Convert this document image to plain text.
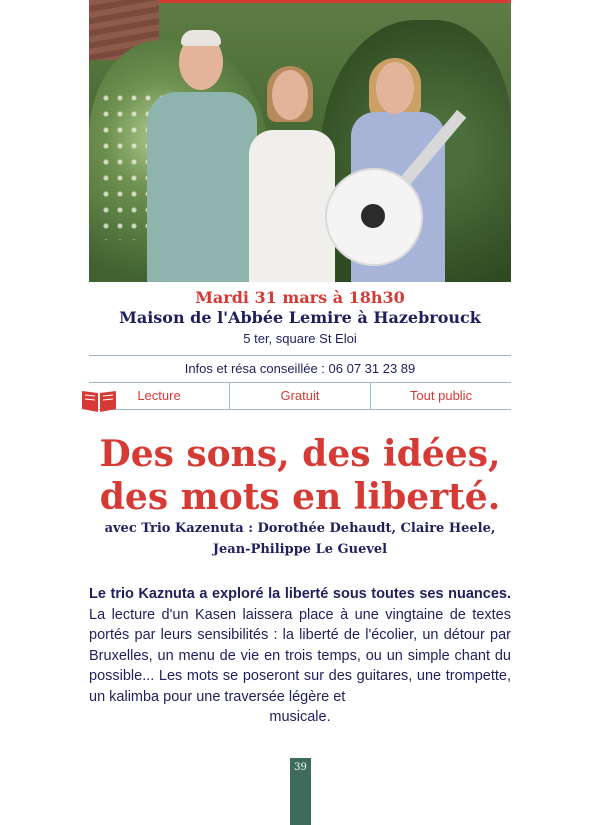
Mardi 31 mars à 18h30
Maison de l'Abbée Lemire à Hazebrouck
5 ter, square St Eloi
Infos et résa conseillée : 06 07 31 23 89
Lecture	Gratuit	Tout public
Des sons, des idées,
des mots en liberté.
avec Trio Kazenuta : Dorothée Dehaudt, Claire Heele,
Jean-Philippe Le Guevel
Le trio Kaznuta a exploré la liberté sous toutes ses nuances. La lecture d'un Kasen laissera place à une vingtaine de textes portés par leurs sensibilités : la liberté de l'écolier, un détour par Bruxelles, un menu de vie en trois temps, ou un simple chant du possible... Les mots se poseront sur des guitares, une trompette, un kalimba pour une traversée légère et
musicale.
39
